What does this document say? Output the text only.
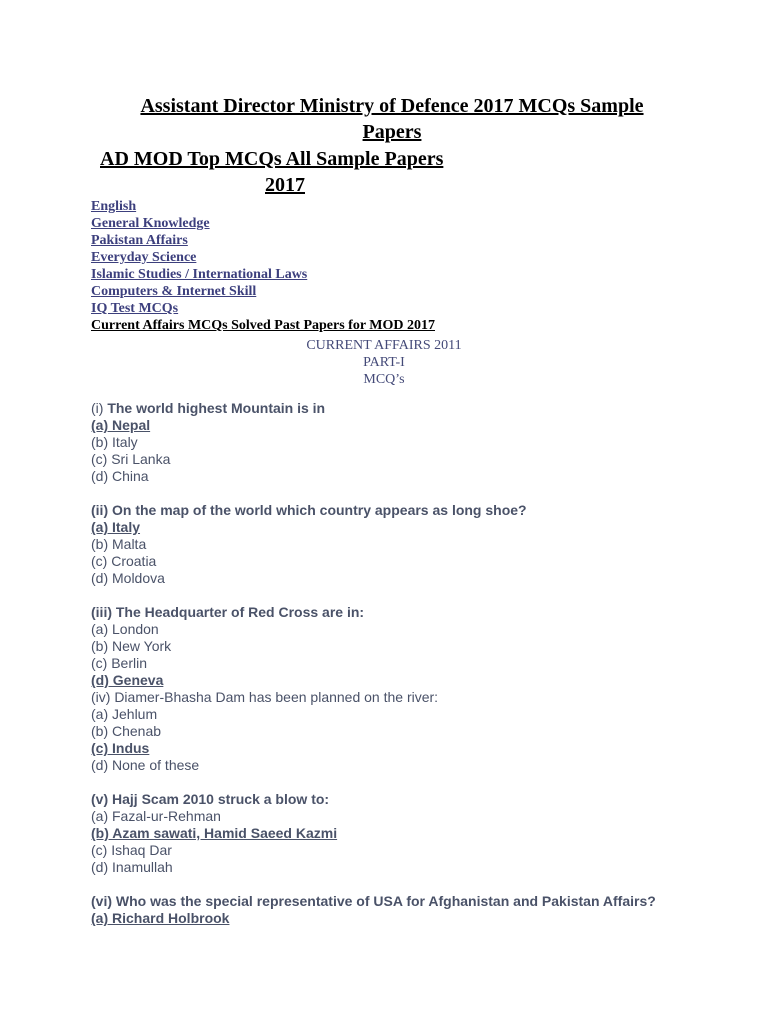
Assistant Director Ministry of Defence 2017 MCQs Sample Papers
AD MOD Top MCQs All Sample Papers
2017
English
General Knowledge
Pakistan Affairs
Everyday Science
Islamic Studies / International Laws
Computers & Internet Skill
IQ Test MCQs
Current Affairs MCQs Solved Past Papers for MOD 2017
CURRENT AFFAIRS 2011
PART-I
MCQ’s
(i) The world highest Mountain is in
(a) Nepal
(b) Italy
(c) Sri Lanka
(d) China
(ii) On the map of the world which country appears as long shoe?
(a) Italy
(b) Malta
(c) Croatia
(d) Moldova
(iii) The Headquarter of Red Cross are in:
(a) London
(b) New York
(c) Berlin
(d) Geneva
(iv) Diamer-Bhasha Dam has been planned on the river:
(a) Jehlum
(b) Chenab
(c) Indus
(d) None of these
(v) Hajj Scam 2010 struck a blow to:
(a) Fazal-ur-Rehman
(b) Azam sawati, Hamid Saeed Kazmi
(c) Ishaq Dar
(d) Inamullah
(vi) Who was the special representative of USA for Afghanistan and Pakistan Affairs?
(a) Richard Holbrook
